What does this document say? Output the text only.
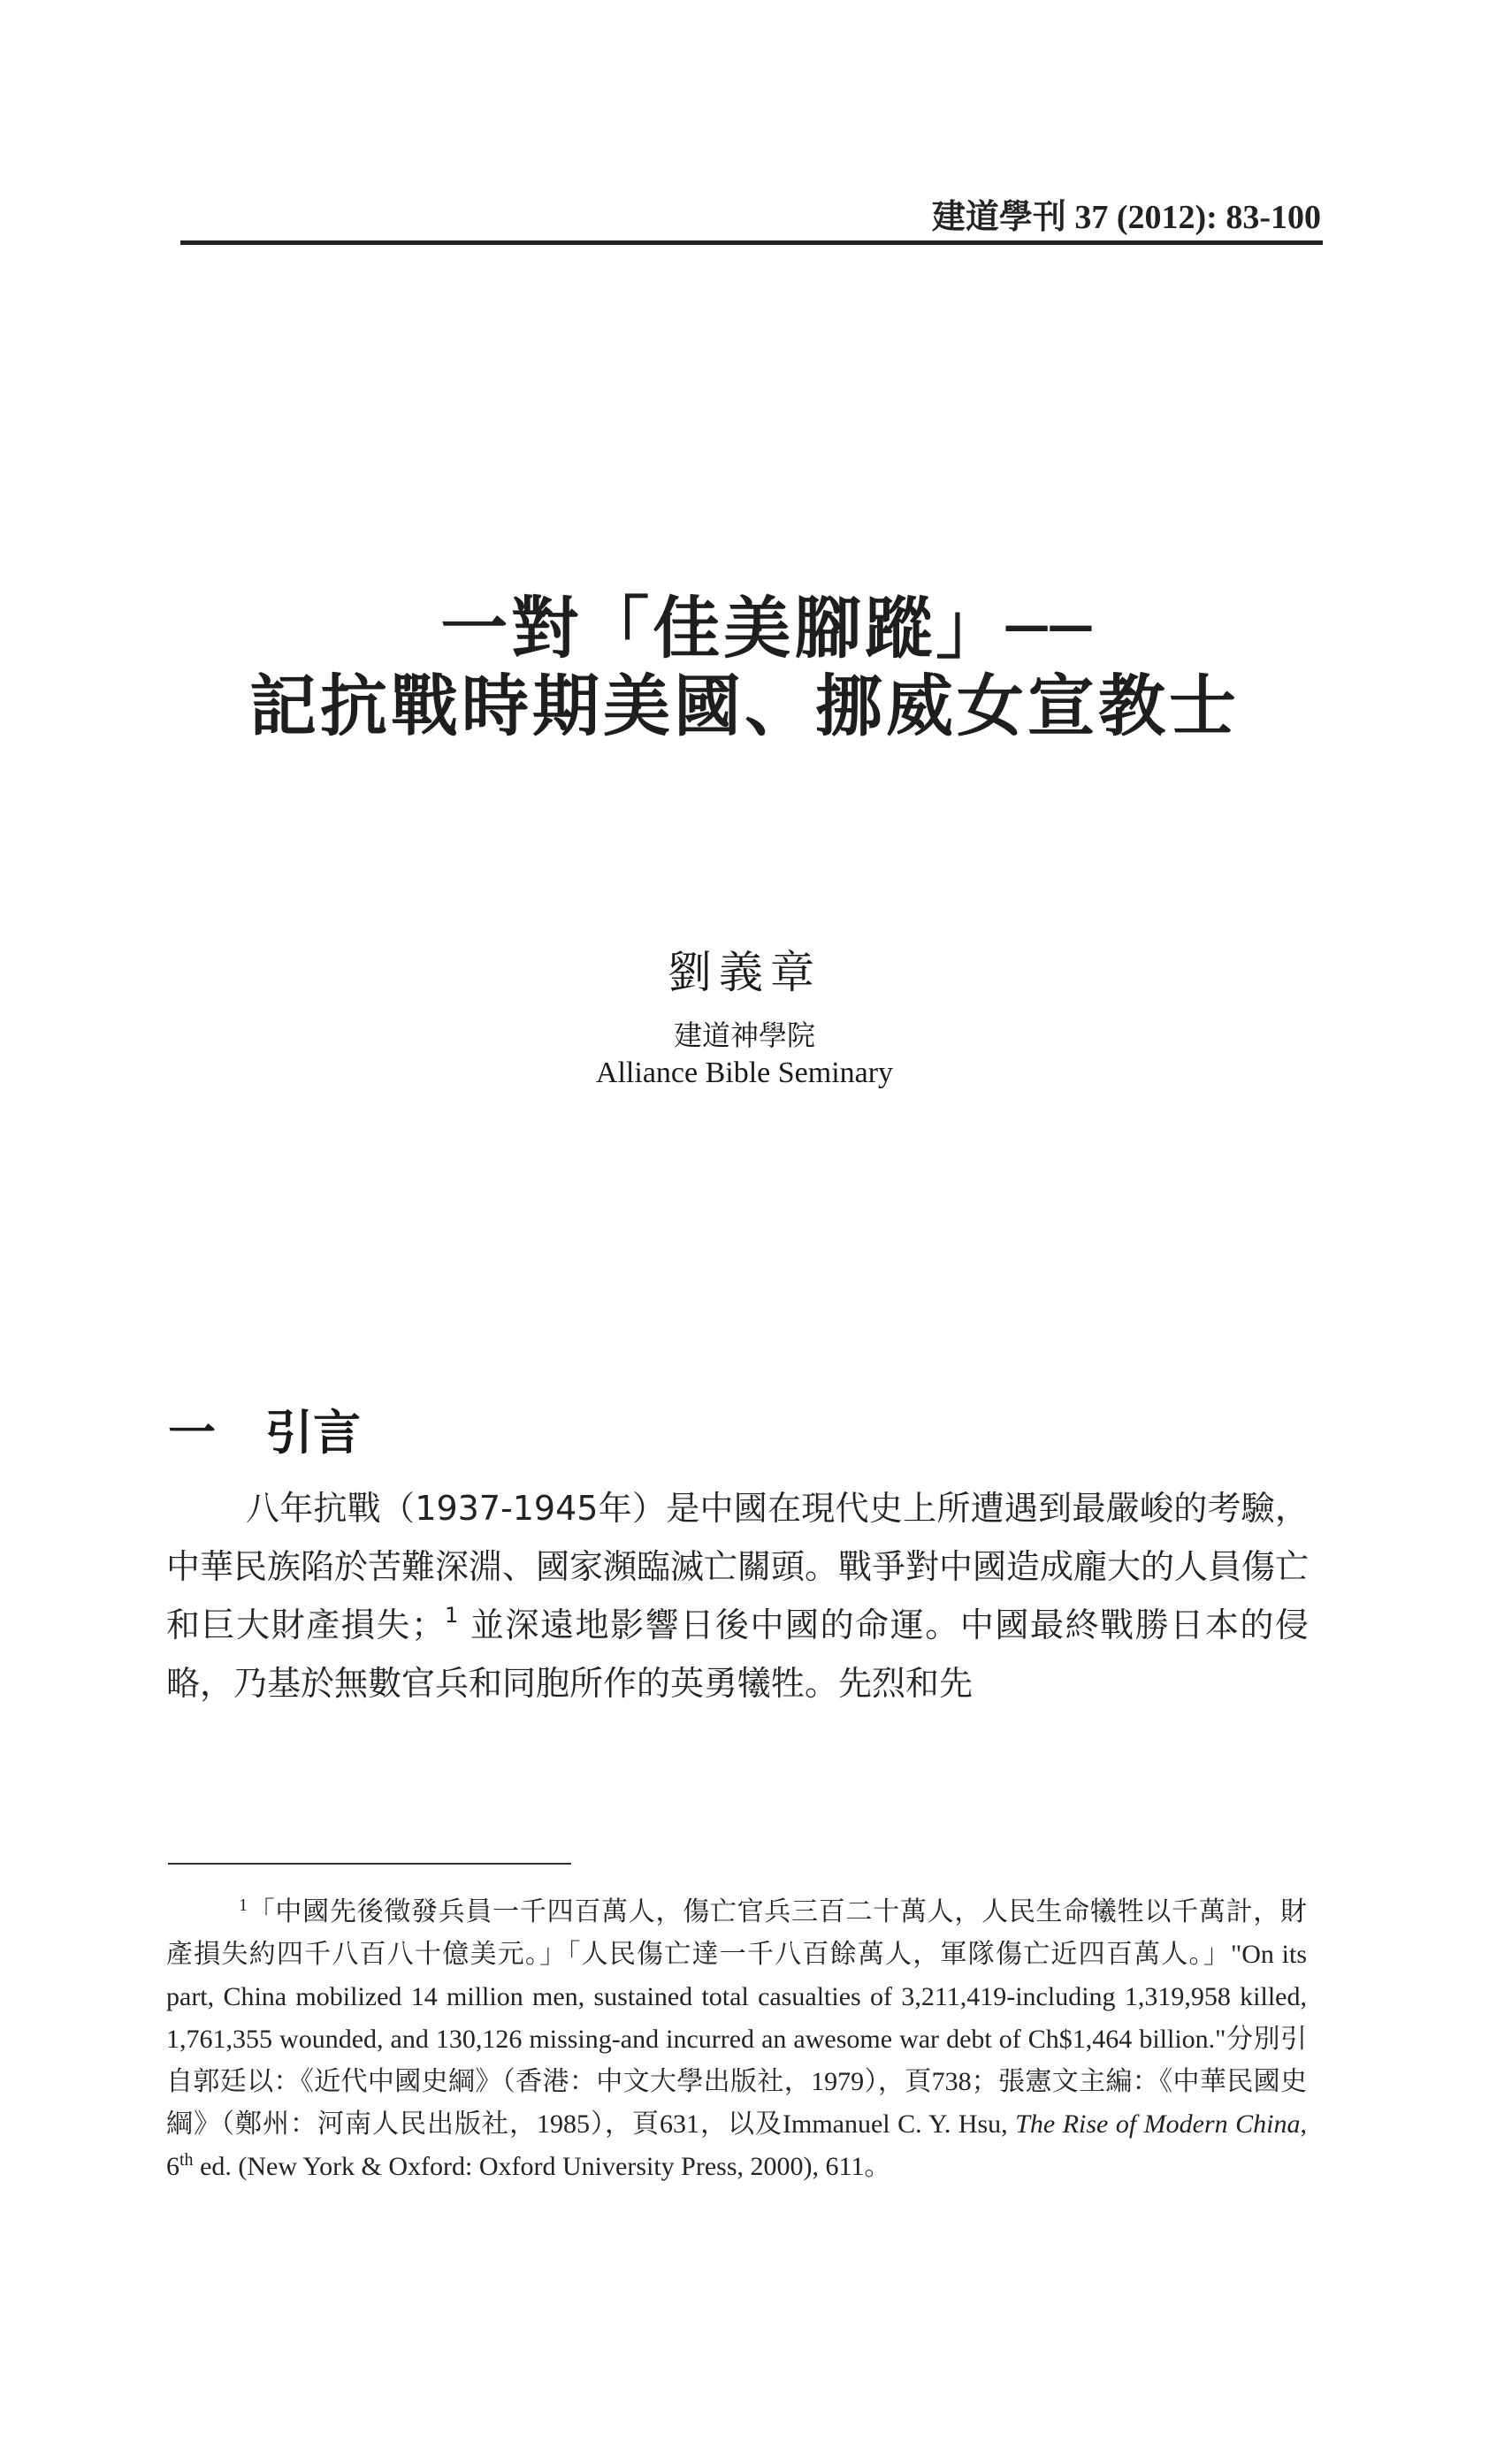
建道學刊 37 (2012): 83-100
一對「佳美腳蹤」──
記抗戰時期美國、挪威女宣教士
劉義章
建道神學院
Alliance Bible Seminary
一 引言
八年抗戰（1937-1945年）是中國在現代史上所遭遇到最嚴峻的考驗，中華民族陷於苦難深淵、國家瀕臨滅亡關頭。戰爭對中國造成龐大的人員傷亡和巨大財產損失；$^1$ 並深遠地影響日後中國的命運。中國最終戰勝日本的侵略，乃基於無數官兵和同胞所作的英勇犧牲。先烈和先
$^1$「中國先後徵發兵員一千四百萬人，傷亡官兵三百二十萬人，人民生命犧牲以千萬計，財產損失約四千八百八十億美元。」「人民傷亡達一千八百餘萬人，軍隊傷亡近四百萬人。」"On its part, China mobilized 14 million men, sustained total casualties of 3,211,419-including 1,319,958 killed, 1,761,355 wounded, and 130,126 missing-and incurred an awesome war debt of Ch$1,464 billion."分別引自郭廷以：《近代中國史綱》（香港：中文大學出版社，1979），頁738；張憲文主編：《中華民國史綱》（鄭州：河南人民出版社，1985），頁631，以及Immanuel C. Y. Hsu, The Rise of Modern China, 6th ed. (New York & Oxford: Oxford University Press, 2000), 611。
